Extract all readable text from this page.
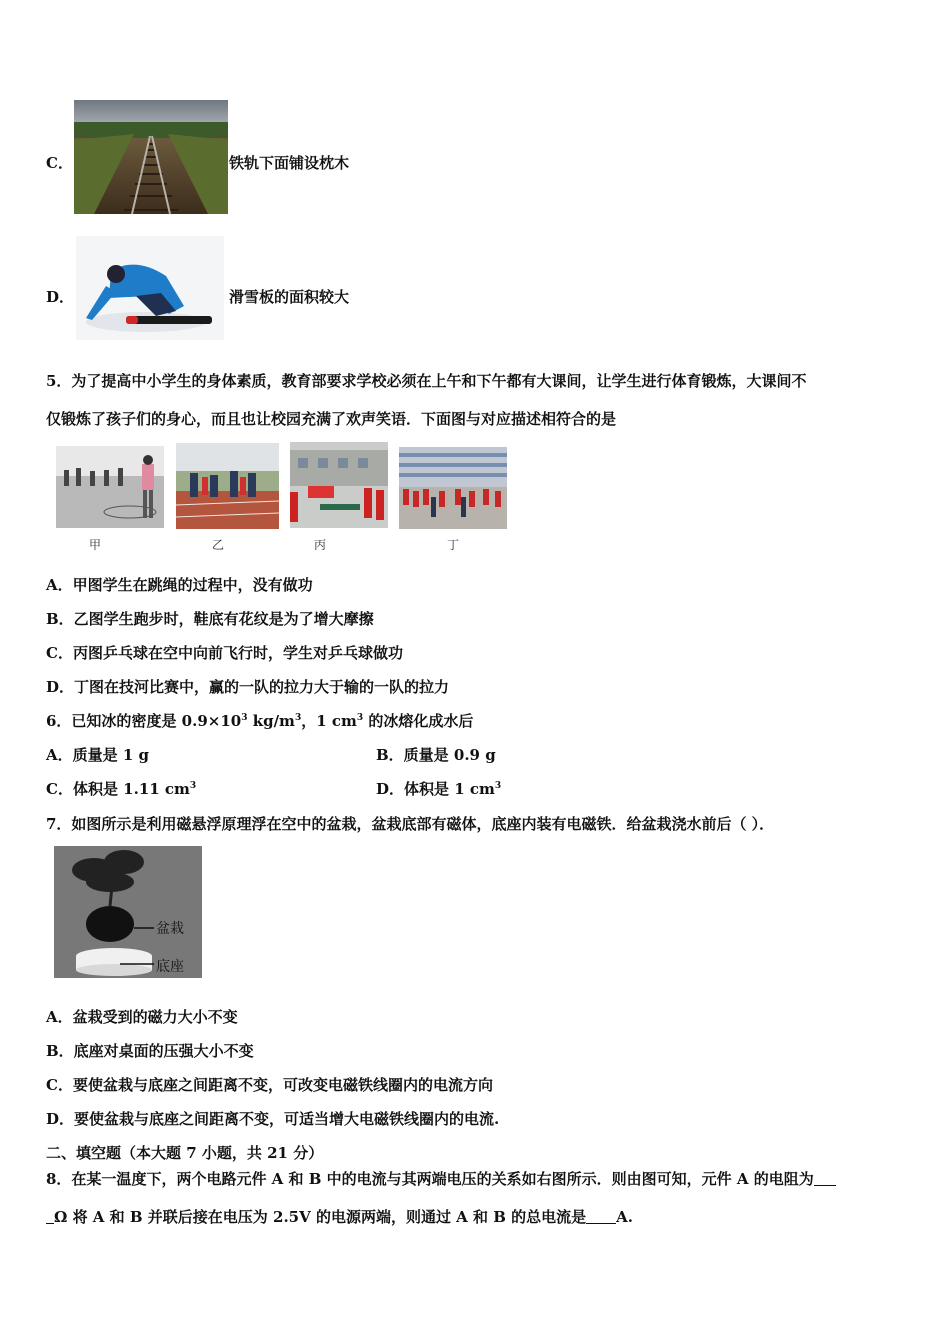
C．	铁轨下面铺设枕木
D．	滑雪板的面积较大
5．为了提高中小学生的身体素质，教育部要求学校必须在上午和下午都有大课间，让学生进行体育锻炼，大课间不
仅锻炼了孩子们的身心，而且也让校园充满了欢声笑语．下面图与对应描述相符合的是
甲	乙	丙	丁
A．甲图学生在跳绳的过程中，没有做功
B．乙图学生跑步时，鞋底有花纹是为了增大摩擦
C．丙图乒乓球在空中向前飞行时，学生对乒乓球做功
D．丁图在技河比赛中，赢的一队的拉力大于输的一队的拉力
6．已知冰的密度是 $0.9\times 10^3$ $kg/m^3$，1 $cm^3$ 的冰熔化成水后
A．质量是 1 g	B．质量是 0.9 g
C．体积是 1.11 $cm^3$	D．体积是 1 $cm^3$
7．如图所示是利用磁悬浮原理浮在空中的盆栽，盆栽底部有磁体，底座内装有电磁铁．给盆栽浇水前后（ ）．
盆栽
底座
A．盆栽受到的磁力大小不变
B．底座对桌面的压强大小不变
C．要使盆栽与底座之间距离不变，可改变电磁铁线圈内的电流方向
D．要使盆栽与底座之间距离不变，可适当增大电磁铁线圈内的电流.
二、填空题（本大题 7 小题，共 21 分）
8．在某一温度下，两个电路元件 A 和 B 中的电流与其两端电压的关系如右图所示．则由图可知，元件 A 的电阻为
Ω 将 A 和 B 并联后接在电压为 2.5V 的电源两端，则通过 A 和 B 的总电流是 A.
